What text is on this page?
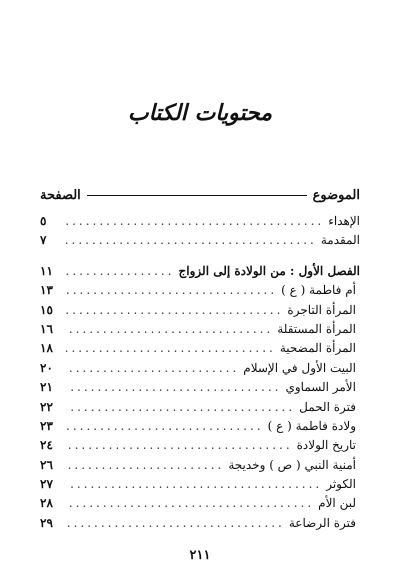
محتويات الكتاب
الموضوع
الصفحة
الإهداء
.....
٥
المقدمة
.....
٧
الفصل الأول : من الولادة إلى الزواج
.....
١١
أم فاطمة ( ع )
.....
١٣
المرأة التاجرة
.....
١٥
المرأة المستقلة
.....
١٦
المرأة المضحية
.....
١٨
البيت الأول في الإسلام
.....
٢٠
الأمر السماوي
.....
٢١
فترة الحمل
.....
٢٢
ولادة فاطمة ( ع )
.....
٢٣
تاريخ الولادة
.....
٢٤
أمنية النبي ( ص ) وخديجة
.....
٢٦
الكوثر
.....
٢٧
لبن الأم
.....
٢٨
فترة الرضاعة
.....
٢٩
٢١١
